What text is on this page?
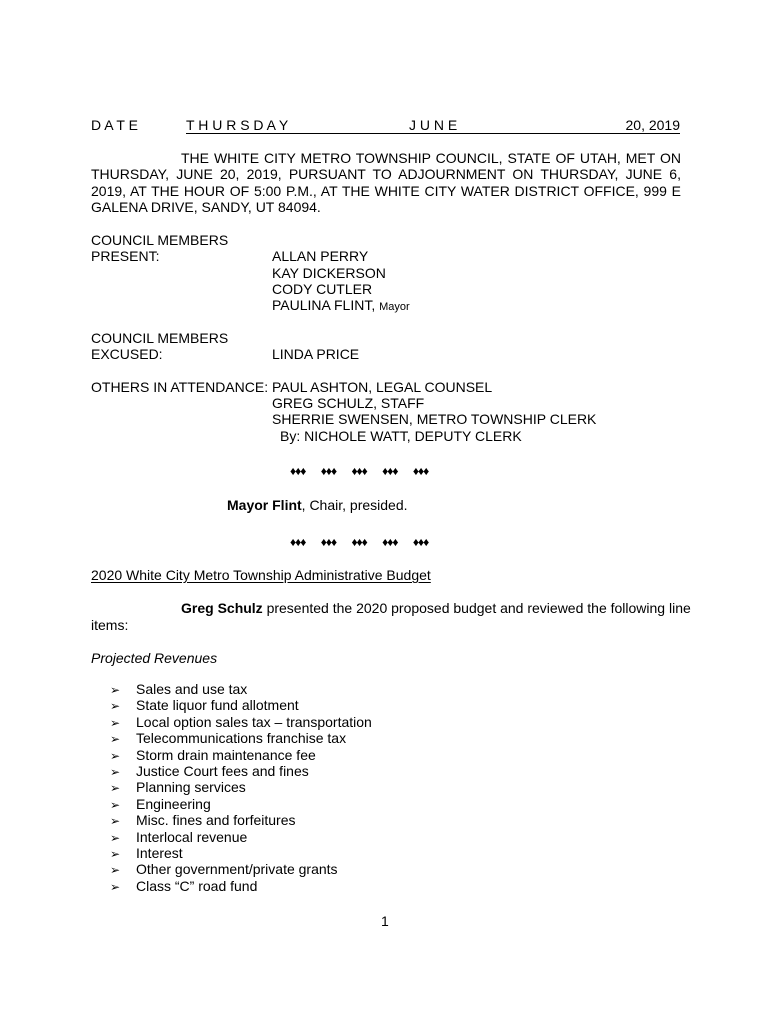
D A T E	T H U R S D A Y	J U N E	20, 2019
THE WHITE CITY METRO TOWNSHIP COUNCIL, STATE OF UTAH, MET ON THURSDAY, JUNE 20, 2019, PURSUANT TO ADJOURNMENT ON THURSDAY, JUNE 6, 2019, AT THE HOUR OF 5:00 P.M., AT THE WHITE CITY WATER DISTRICT OFFICE, 999 E GALENA DRIVE, SANDY, UT 84094.
COUNCIL MEMBERS
PRESENT:	ALLAN PERRY
KAY DICKERSON
CODY CUTLER
PAULINA FLINT, Mayor
COUNCIL MEMBERS
EXCUSED:	LINDA PRICE
OTHERS IN ATTENDANCE: PAUL ASHTON, LEGAL COUNSEL
GREG SCHULZ, STAFF
SHERRIE SWENSEN, METRO TOWNSHIP CLERK
By: NICHOLE WATT, DEPUTY CLERK
♦♦♦ ♦♦♦ ♦♦♦ ♦♦♦ ♦♦♦
Mayor Flint, Chair, presided.
♦♦♦ ♦♦♦ ♦♦♦ ♦♦♦ ♦♦♦
2020 White City Metro Township Administrative Budget
Greg Schulz presented the 2020 proposed budget and reviewed the following line
items:
Projected Revenues
➢ Sales and use tax
➢ State liquor fund allotment
➢ Local option sales tax – transportation
➢ Telecommunications franchise tax
➢ Storm drain maintenance fee
➢ Justice Court fees and fines
➢ Planning services
➢ Engineering
➢ Misc. fines and forfeitures
➢ Interlocal revenue
➢ Interest
➢ Other government/private grants
➢ Class “C” road fund
1
